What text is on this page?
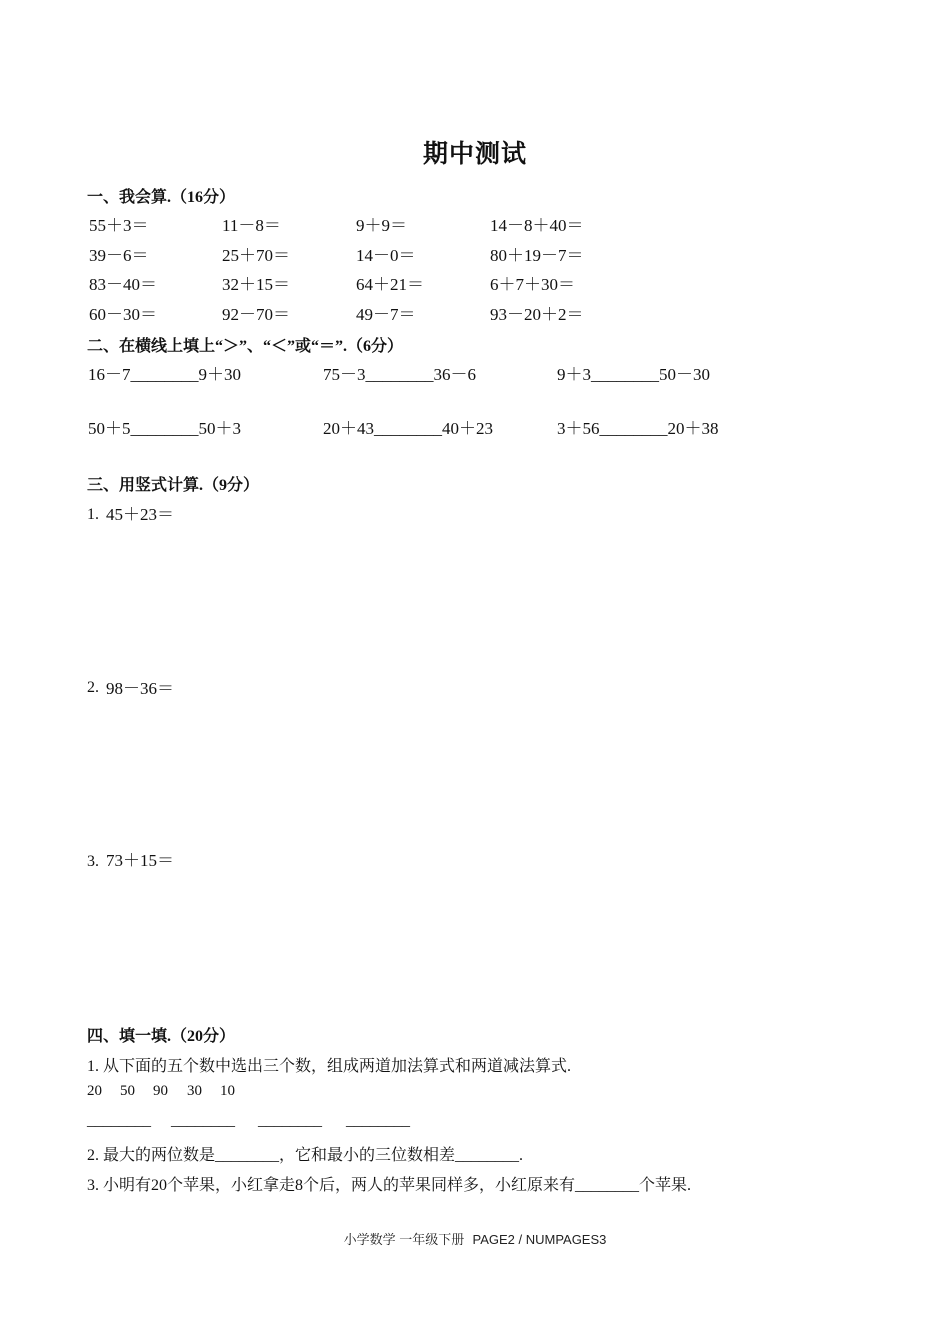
期中测试
一、我会算.（16分）
55＋3＝	11－8＝	9＋9＝	14－8＋40＝
39－6＝	25＋70＝	14－0＝	80＋19－7＝
83－40＝	32＋15＝	64＋21＝	6＋7＋30＝
60－30＝	92－70＝	49－7＝	93－20＋2＝
二、在横线上填上“＞”、“＜”或“＝”.（6分）
16－7________9＋30	75－3________36－6	9＋3________50－30
50＋5________50＋3	20＋43________40＋23	3＋56________20＋38
三、用竖式计算.（9分）
1. 45＋23＝
2. 98－36＝
3. 73＋15＝
四、填一填.（20分）
1. 从下面的五个数中选出三个数，组成两道加法算式和两道减法算式.
20 50 90 30 10
________ ________ ________ ________
2. 最大的两位数是________，它和最小的三位数相差________.
3. 小明有20个苹果，小红拿走8个后，两人的苹果同样多，小红原来有________个苹果.
小学数学 一年级下册 PAGE2 / NUMPAGES3
